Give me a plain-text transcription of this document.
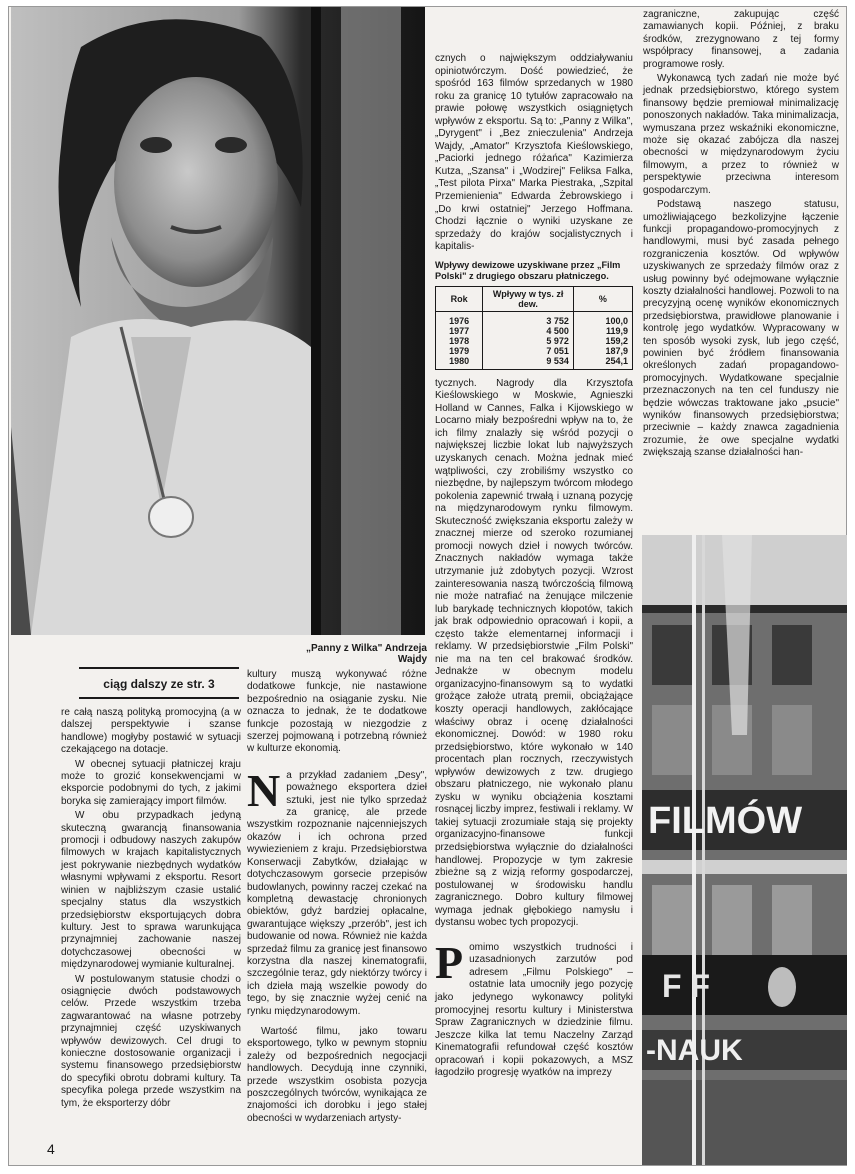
„Panny z Wilka" Andrzeja Wajdy
FILMÓW
F F
-NAUK
ciąg dalszy ze str. 3

re całą naszą polityką promocyjną (a w dalszej perspektywie i szanse handlowe) mogłyby postawić w sytuacji czekającego na dotacje.

W obecnej sytuacji płatniczej kraju może to grozić konsekwencjami w eksporcie podobnymi do tych, z jakimi boryka się zamierający import filmów.

W obu przypadkach jedyną skuteczną gwarancją finansowania promocji i odbudowy naszych zakupów filmowych w krajach kapitalistycznych jest pokrywanie niezbędnych wydatków własnymi wpływami z eksportu. Resort winien w najbliższym czasie ustalić specjalny status dla wszystkich przedsiębiorstw eksportujących dobra kultury. Jest to sprawa warunkująca przynajmniej zachowanie naszej dotychczasowej obecności w międzynarodowej wymianie kulturalnej.

W postulowanym statusie chodzi o osiągnięcie dwóch podstawowych celów. Przede wszystkim trzeba zagwarantować na własne potrzeby przynajmniej część uzyskiwanych wpływów dewizowych. Cel drugi to konieczne dostosowanie organizacji i systemu finansowego przedsiębiorstw do specyfiki obrotu dobrami kultury. Ta specyfika polega przede wszystkim na tym, że eksporterzy dóbr

kultury muszą wykonywać różne dodatkowe funkcje, nie nastawione bezpośrednio na osiąganie zysku. Nie oznacza to jednak, że te dodatkowe funkcje pozostają w niezgodzie z szerzej pojmowaną i potrzebną również w kulturze ekonomią.

Na przykład zadaniem „Desy", poważnego eksportera dzieł sztuki, jest nie tylko sprzedaż za granicę, ale przede wszystkim rozpoznanie najcenniejszych okazów i ich ochrona przed wywiezieniem z kraju. Przedsiębiorstwa Konserwacji Zabytków, działając w dotychczasowym gorsecie przepisów budowlanych, powinny raczej czekać na kompletną dewastację chronionych obiektów, gdyż bardziej opłacalne, gwarantujące większy „przerób", jest ich budowanie od nowa. Również nie każda sprzedaż filmu za granicę jest finansowo korzystna dla naszej kinematografii, szczególnie teraz, gdy niektórzy twórcy i ich dzieła mają wszelkie powody do tego, by się znacznie wyżej cenić na rynku międzynarodowym.

Wartość filmu, jako towaru eksportowego, tylko w pewnym stopniu zależy od bezpośrednich negocjacji handlowych. Decydują inne czynniki, przede wszystkim osobista pozycja poszczególnych twórców, wynikająca ze znajomości ich dorobku i jego stałej obecności w wydarzeniach artysty-

cznych o największym oddziaływaniu opiniotwórczym. Dość powiedzieć, że spośród 163 filmów sprzedanych w 1980 roku za granicę 10 tytułów zapracowało na prawie połowę wszystkich osiągniętych wpływów z eksportu. Są to: „Panny z Wilka", „Dyrygent" i „Bez znieczulenia" Andrzeja Wajdy, „Amator" Krzysztofa Kieślowskiego, „Paciorki jednego różańca" Kazimierza Kutza, „Szansa" i „Wodzirej" Feliksa Falka, „Test pilota Pirxa" Marka Piestraka, „Szpital Przemienienia" Edwarda Żebrowskiego i „Do krwi ostatniej" Jerzego Hoffmana. Chodzi łącznie o wyniki uzyskane ze sprzedaży do krajów socjalistycznych i kapitalis-

Wpływy dewizowe uzyskiwane przez „Film Polski" z drugiego obszaru płatniczego.
Rok	Wpływy w tys. zł dew.	%
1976	3 752	100,0
1977	4 500	119,9
1978	5 972	159,2
1979	7 051	187,9
1980	9 534	254,1

tycznych. Nagrody dla Krzysztofa Kieślowskiego w Moskwie, Agnieszki Holland w Cannes, Falka i Kijowskiego w Locarno miały bezpośredni wpływ na to, że ich filmy znalazły się wśród pozycji o największej liczbie lokat lub najwyższych uzyskanych cenach. Można jednak mieć wątpliwości, czy zrobiliśmy wszystko co niezbędne, by najlepszym twórcom młodego pokolenia zapewnić trwałą i uznaną pozycję na międzynarodowym rynku filmowym. Skuteczność zwiększania eksportu zależy w znacznej mierze od szeroko rozumianej promocji nowych dzieł i nowych twórców. Znacznych nakładów wymaga także utrzymanie już zdobytych pozycji. Wzrost zainteresowania naszą twórczością filmową nie może natrafiać na żenujące milczenie lub barykadę technicznych kłopotów, takich jak brak odpowiednio opracowań i kopii, a często także elementarnej informacji i reklamy. W przedsiębiorstwie „Film Polski" nie ma na ten cel brakować środków. Jednakże w obecnym modelu organizacyjno-finansowym są to wydatki grożące założe utratą premii, obciążające koszty operacji handlowych, zakłócające właściwy obraz i ocenę działalności ekonomicznej. Dowód: w 1980 roku przedsiębiorstwo, które wykonało w 140 procentach plan rocznych, rzeczywistych wpływów dewizowych z tzw. drugiego obszaru płatniczego, nie wykonało planu zysku w wyniku obciążenia kosztami rosnącej liczby imprez, festiwali i reklamy. W takiej sytuacji zrozumiałe stają się projekty organizacyjno-finansowe funkcji przedsiębiorstwa wyłącznie do działalności handlowej. Propozycje w tym zakresie zbieżne są z wizją reformy gospodarczej, postulowanej w środowisku handlu zagranicznego. Dobro kultury filmowej wymaga jednak głębokiego namysłu i dystansu wobec tych propozycji.

Pomimo wszystkich trudności i uzasadnionych zarzutów pod adresem „Filmu Polskiego" – ostatnie lata umocniły jego pozycję jako jedynego wykonawcy polityki promocyjnej resortu kultury i Ministerstwa Spraw Zagranicznych w dziedzinie filmu. Jeszcze kilka lat temu Naczelny Zarząd Kinematografii refundował część kosztów opracowań i kopii pokazowych, a MSZ łagodziło progresję wyatków na imprezy

zagraniczne, zakupując część zamawianych kopii. Później, z braku środków, zrezygnowano z tej formy współpracy finansowej, a zadania programowe rosły.

Wykonawcą tych zadań nie może być jednak przedsiębiorstwo, którego system finansowy będzie premiował minimalizację ponoszonych nakładów. Taka minimalizacja, wymuszana przez wskaźniki ekonomiczne, może się okazać zabójcza dla naszej obecności w międzynarodowym życiu filmowym, a przez to również w perspektywie przeciwna interesom gospodarczym.

Podstawą naszego statusu, umożliwiającego bezkolizyjne łączenie funkcji propagandowo-promocyjnych z handlowymi, musi być zasada pełnego rozgraniczenia kosztów. Od wpływów uzyskiwanych ze sprzedaży filmów oraz z usług powinny być odejmowane wyłącznie koszty działalności handlowej. Pozwoli to na precyzyjną ocenę wyników ekonomicznych przedsiębiorstwa, prawidłowe planowanie i kontrolę jego wydatków. Wypracowany w ten sposób wysoki zysk, lub jego część, powinien być źródłem finansowania określonych zadań propagandowo-promocyjnych. Wydatkowane specjalnie przeznaczonych na ten cel funduszy nie będzie wówczas traktowane jako „psucie" wyników finansowych przedsiębiorstwa; przeciwnie – każdy znawca zagadnienia zrozumie, że owe specjalne wydatki zwiększają szanse działalności han-

4
